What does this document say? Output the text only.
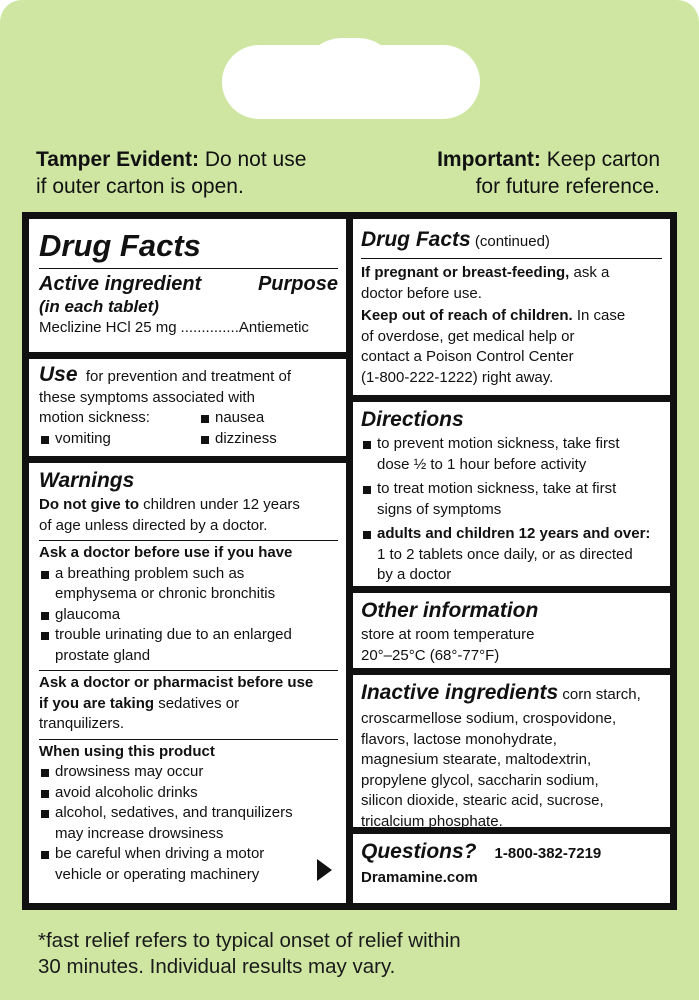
Tamper Evident: Do not use
if outer carton is open.
Important: Keep carton
for future reference.
Drug Facts
Active ingredient	Purpose
(in each tablet)
Meclizine HCl 25 mg .............. Antiemetic
Use for prevention and treatment of
these symptoms associated with
motion sickness:	nausea
vomiting	dizziness
Warnings
Do not give to children under 12 years
of age unless directed by a doctor.
Ask a doctor before use if you have
a breathing problem such as
emphysema or chronic bronchitis
glaucoma
trouble urinating due to an enlarged
prostate gland
Ask a doctor or pharmacist before use
if you are taking sedatives or
tranquilizers.
When using this product
drowsiness may occur
avoid alcoholic drinks
alcohol, sedatives, and tranquilizers
may increase drowsiness
be careful when driving a motor
vehicle or operating machinery
Drug Facts (continued)
If pregnant or breast-feeding, ask a
doctor before use.
Keep out of reach of children. In case
of overdose, get medical help or
contact a Poison Control Center
(1-800-222-1222) right away.
Directions
to prevent motion sickness, take first
dose ½ to 1 hour before activity
to treat motion sickness, take at first
signs of symptoms
adults and children 12 years and over:
1 to 2 tablets once daily, or as directed
by a doctor
Other information
store at room temperature
20°–25°C (68°-77°F)
Inactive ingredients corn starch,
croscarmellose sodium, crospovidone,
flavors, lactose monohydrate,
magnesium stearate, maltodextrin,
propylene glycol, saccharin sodium,
silicon dioxide, stearic acid, sucrose,
tricalcium phosphate.
Questions? 1-800-382-7219
Dramamine.com
*fast relief refers to typical onset of relief within
30 minutes. Individual results may vary.
